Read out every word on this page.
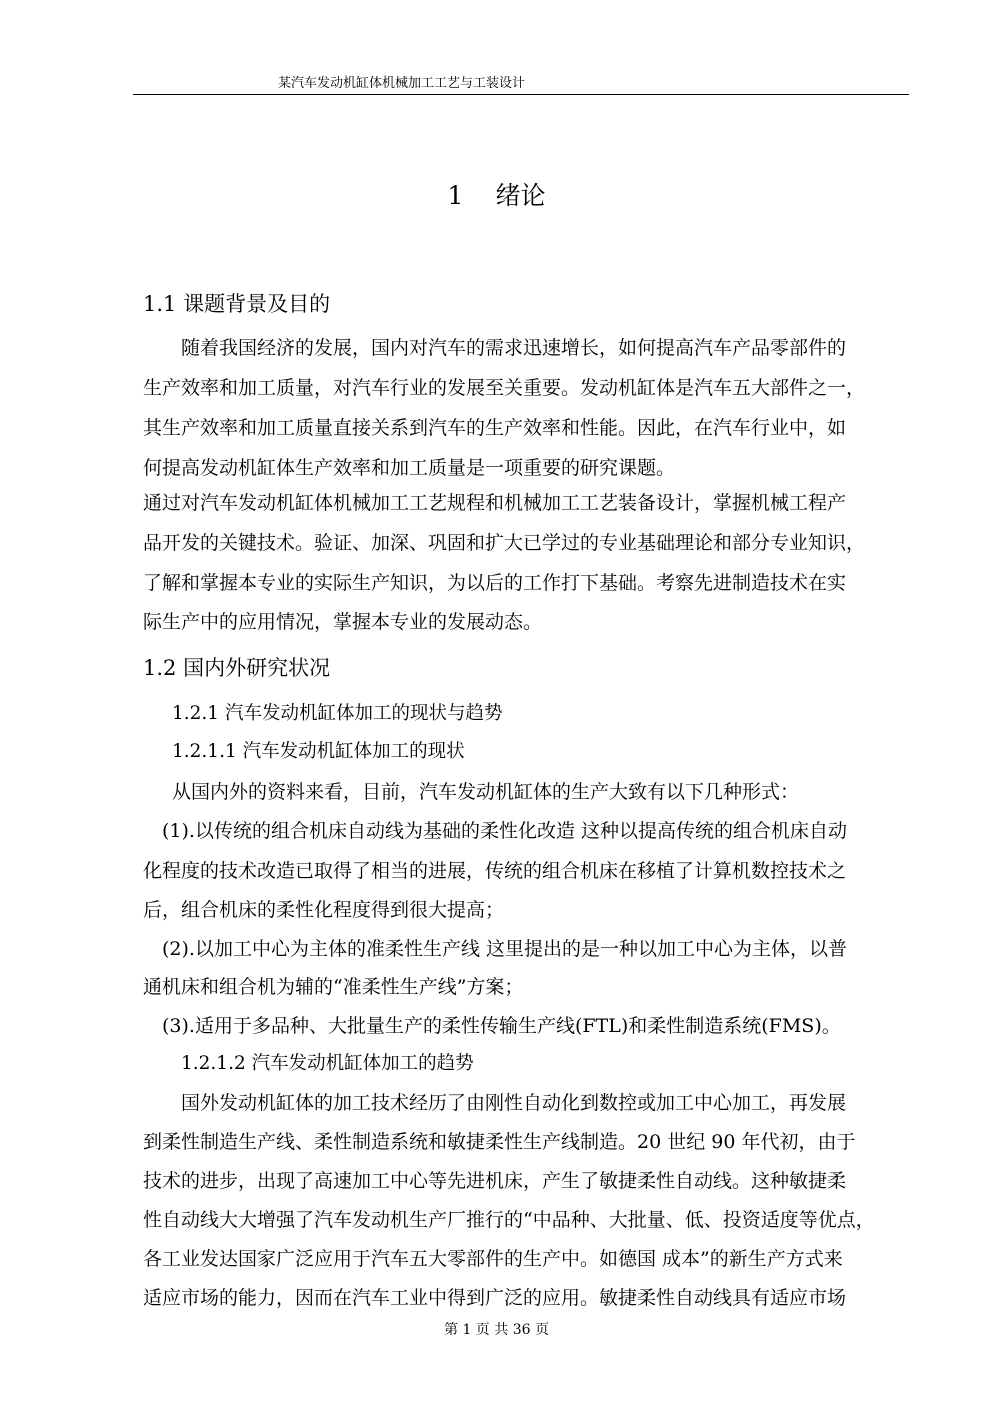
某汽车发动机缸体机械加工工艺与工装设计
1 绪论
1.1 课题背景及目的
随着我国经济的发展，国内对汽车的需求迅速增长，如何提高汽车产品零部件的
生产效率和加工质量，对汽车行业的发展至关重要。发动机缸体是汽车五大部件之一，
其生产效率和加工质量直接关系到汽车的生产效率和性能。因此，在汽车行业中，如
何提高发动机缸体生产效率和加工质量是一项重要的研究课题。
通过对汽车发动机缸体机械加工工艺规程和机械加工工艺装备设计，掌握机械工程产
品开发的关键技术。验证、加深、巩固和扩大已学过的专业基础理论和部分专业知识，
了解和掌握本专业的实际生产知识，为以后的工作打下基础。考察先进制造技术在实
际生产中的应用情况，掌握本专业的发展动态。
1.2 国内外研究状况
1.2.1 汽车发动机缸体加工的现状与趋势
1.2.1.1 汽车发动机缸体加工的现状
从国内外的资料来看，目前，汽车发动机缸体的生产大致有以下几种形式：
(1).以传统的组合机床自动线为基础的柔性化改造 这种以提高传统的组合机床自动
化程度的技术改造已取得了相当的进展，传统的组合机床在移植了计算机数控技术之
后，组合机床的柔性化程度得到很大提高；
(2).以加工中心为主体的准柔性生产线 这里提出的是一种以加工中心为主体，以普
通机床和组合机为辅的“准柔性生产线”方案；
(3).适用于多品种、大批量生产的柔性传输生产线(FTL)和柔性制造系统(FMS)。
1.2.1.2 汽车发动机缸体加工的趋势
国外发动机缸体的加工技术经历了由刚性自动化到数控或加工中心加工，再发展
到柔性制造生产线、柔性制造系统和敏捷柔性生产线制造。20 世纪 90 年代初，由于
技术的进步，出现了高速加工中心等先进机床，产生了敏捷柔性自动线。这种敏捷柔
性自动线大大增强了汽车发动机生产厂推行的“中品种、大批量、低、投资适度等优点，
各工业发达国家广泛应用于汽车五大零部件的生产中。如德国 成本”的新生产方式来
适应市场的能力，因而在汽车工业中得到广泛的应用。敏捷柔性自动线具有适应市场
第 1 页 共 36 页
